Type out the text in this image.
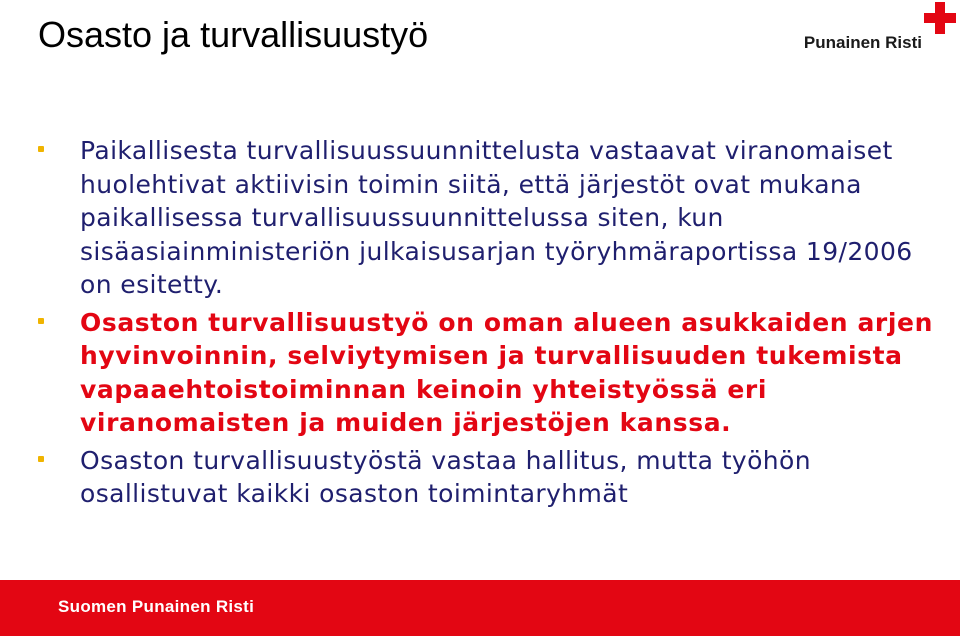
Osasto ja turvallisuustyö	Punainen Risti
Paikallisesta turvallisuussuunnittelusta vastaavat viranomaiset huolehtivat aktiivisin toimin siitä, että järjestöt ovat mukana paikallisessa turvallisuussuunnittelussa siten, kun sisäasiainministeriön julkaisusarjan työryhmäraportissa 19/2006 on esitetty.
Osaston turvallisuustyö on oman alueen asukkaiden arjen hyvinvoinnin, selviytymisen ja turvallisuuden tukemista vapaaehtoistoiminnan keinoin yhteistyössä eri viranomaisten ja muiden järjestöjen kanssa.
Osaston turvallisuustyöstä vastaa hallitus, mutta työhön osallistuvat kaikki osaston toimintaryhmät
Suomen Punainen Risti
